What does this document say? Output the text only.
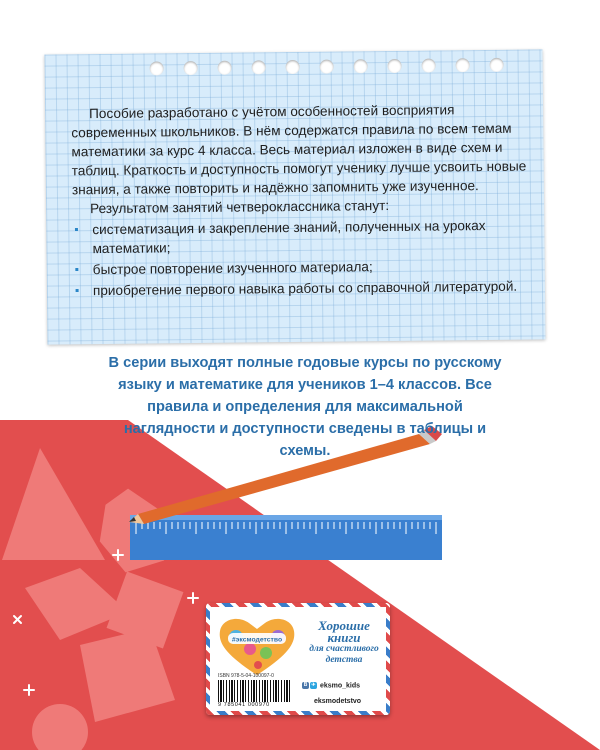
Пособие разработано с учётом особенностей восприятия современных школьников. В нём содержатся правила по всем темам математики за курс 4 класса. Весь материал изложен в виде схем и таблиц. Краткость и доступность помогут ученику лучше усвоить новые знания, а также повторить и надёжно запомнить уже изученное.

Результатом занятий четвероклассника станут:

▪ систематизация и закрепление знаний, полученных на уроках математики;
▪ быстрое повторение изученного материала;
▪ приобретение первого навыка работы со справочной литературой.
В серии выходят полные годовые курсы по русскому языку и математике для учеников 1–4 классов. Все правила и определения для максимальной наглядности и доступности сведены в таблицы и схемы.
#эксмодетство
Хорошие
книги
для счастливого детства
ISBN 978-5-04-100097-0
9 785041 000970
В ✈ eksmo_kids
eksmodetstvo
